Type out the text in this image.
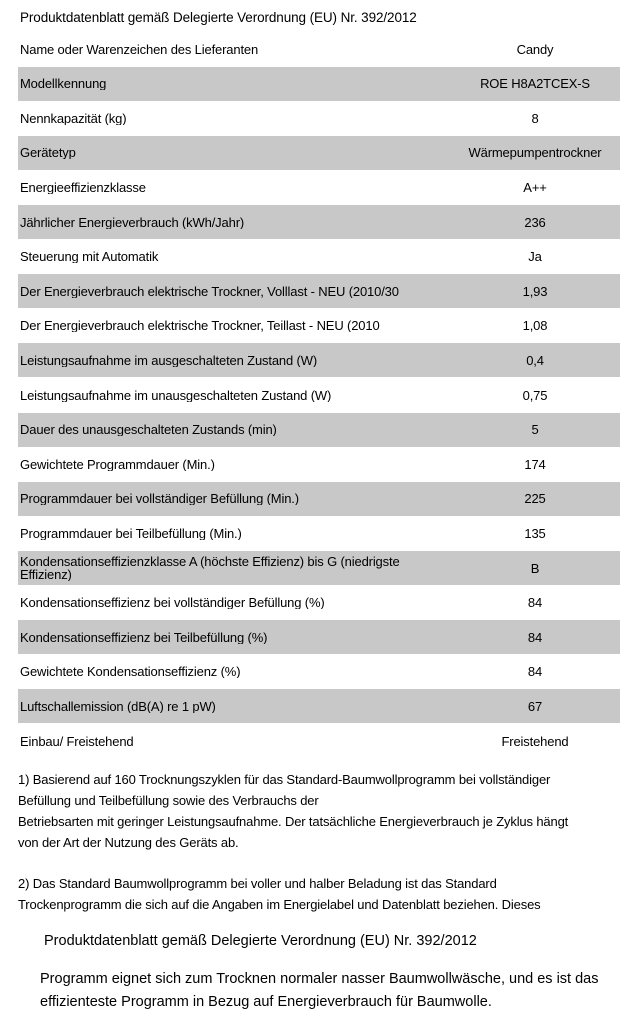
Produktdatenblatt gemäß Delegierte Verordnung (EU) Nr. 392/2012
Name oder Warenzeichen des Lieferanten	Candy
Modellkennung	ROE H8A2TCEX-S
Nennkapazität (kg)	8
Gerätetyp	Wärmepumpentrockner
Energieeffizienzklasse	A++
Jährlicher Energieverbrauch (kWh/Jahr)	236
Steuerung mit Automatik	Ja
Der Energieverbrauch elektrische Trockner, Volllast - NEU (2010/30	1,93
Der Energieverbrauch elektrische Trockner, Teillast - NEU (2010	1,08
Leistungsaufnahme im ausgeschalteten Zustand (W)	0,4
Leistungsaufnahme im unausgeschalteten Zustand (W)	0,75
Dauer des unausgeschalteten Zustands (min)	5
Gewichtete Programmdauer (Min.)	174
Programmdauer bei vollständiger Befüllung (Min.)	225
Programmdauer bei Teilbefüllung (Min.)	135
Kondensationseffizienzklasse A (höchste Effizienz) bis G (niedrigste Effizienz)	B
Kondensationseffizienz bei vollständiger Befüllung (%)	84
Kondensationseffizienz bei Teilbefüllung (%)	84
Gewichtete Kondensationseffizienz (%)	84
Luftschallemission (dB(A) re 1 pW)	67
Einbau/ Freistehend	Freistehend
1) Basierend auf 160 Trocknungszyklen für das Standard-Baumwollprogramm bei vollständiger
Befüllung und Teilbefüllung sowie des Verbrauchs der
Betriebsarten mit geringer Leistungsaufnahme. Der tatsächliche Energieverbrauch je Zyklus hängt
von der Art der Nutzung des Geräts ab.
2) Das Standard Baumwollprogramm bei voller und halber Beladung ist das Standard
Trockenprogramm die sich auf die Angaben im Energielabel und Datenblatt beziehen. Dieses
Produktdatenblatt gemäß Delegierte Verordnung (EU) Nr. 392/2012
Programm eignet sich zum Trocknen normaler nasser Baumwollwäsche, und es ist das
effizienteste Programm in Bezug auf Energieverbrauch für Baumwolle.
